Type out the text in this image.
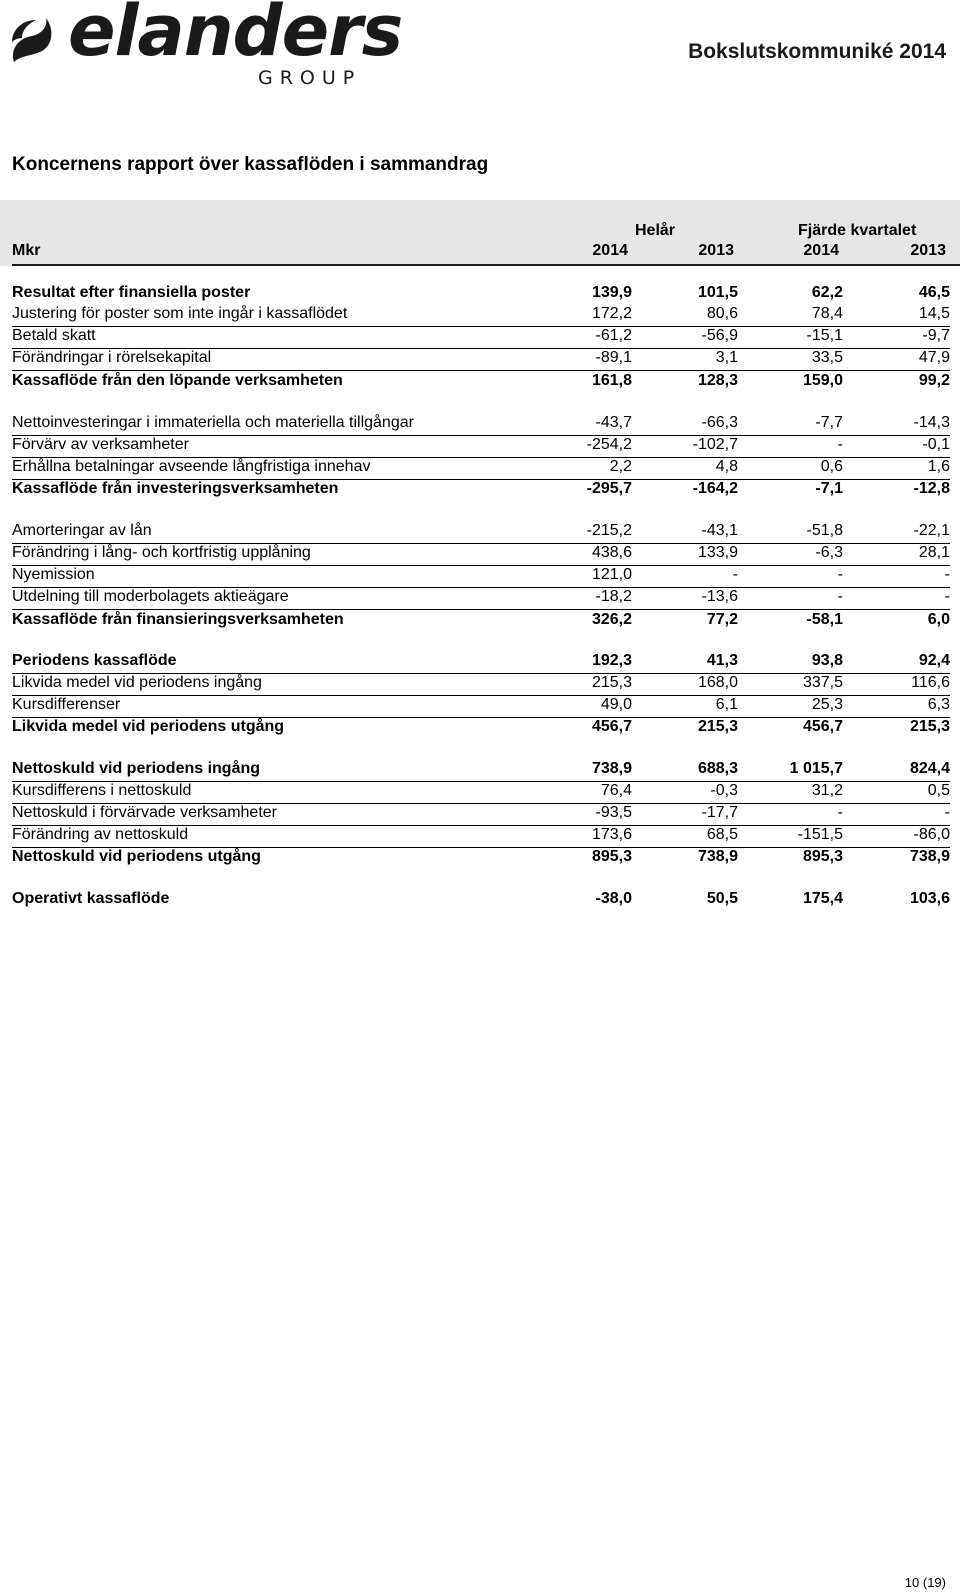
elanders
GROUP
Bokslutskommuniké 2014
Koncernens rapport över kassaflöden i sammandrag
Mkr
Helår	Fjärde kvartalet
2014	2013	2014	2013
Resultat efter finansiella poster	139,9	101,5	62,2	46,5
Justering för poster som inte ingår i kassaflödet	172,2	80,6	78,4	14,5
Betald skatt	-61,2	-56,9	-15,1	-9,7
Förändringar i rörelsekapital	-89,1	3,1	33,5	47,9
Kassaflöde från den löpande verksamheten	161,8	128,3	159,0	99,2
Nettoinvesteringar i immateriella och materiella tillgångar	-43,7	-66,3	-7,7	-14,3
Förvärv av verksamheter	-254,2	-102,7	-	-0,1
Erhållna betalningar avseende långfristiga innehav	2,2	4,8	0,6	1,6
Kassaflöde från investeringsverksamheten	-295,7	-164,2	-7,1	-12,8
Amorteringar av lån	-215,2	-43,1	-51,8	-22,1
Förändring i lång- och kortfristig upplåning	438,6	133,9	-6,3	28,1
Nyemission	121,0	-	-	-
Utdelning till moderbolagets aktieägare	-18,2	-13,6	-	-
Kassaflöde från finansieringsverksamheten	326,2	77,2	-58,1	6,0
Periodens kassaflöde	192,3	41,3	93,8	92,4
Likvida medel vid periodens ingång	215,3	168,0	337,5	116,6
Kursdifferenser	49,0	6,1	25,3	6,3
Likvida medel vid periodens utgång	456,7	215,3	456,7	215,3
Nettoskuld vid periodens ingång	738,9	688,3	1 015,7	824,4
Kursdifferens i nettoskuld	76,4	-0,3	31,2	0,5
Nettoskuld i förvärvade verksamheter	-93,5	-17,7	-	-
Förändring av nettoskuld	173,6	68,5	-151,5	-86,0
Nettoskuld vid periodens utgång	895,3	738,9	895,3	738,9
Operativt kassaflöde	-38,0	50,5	175,4	103,6
10 (19)
